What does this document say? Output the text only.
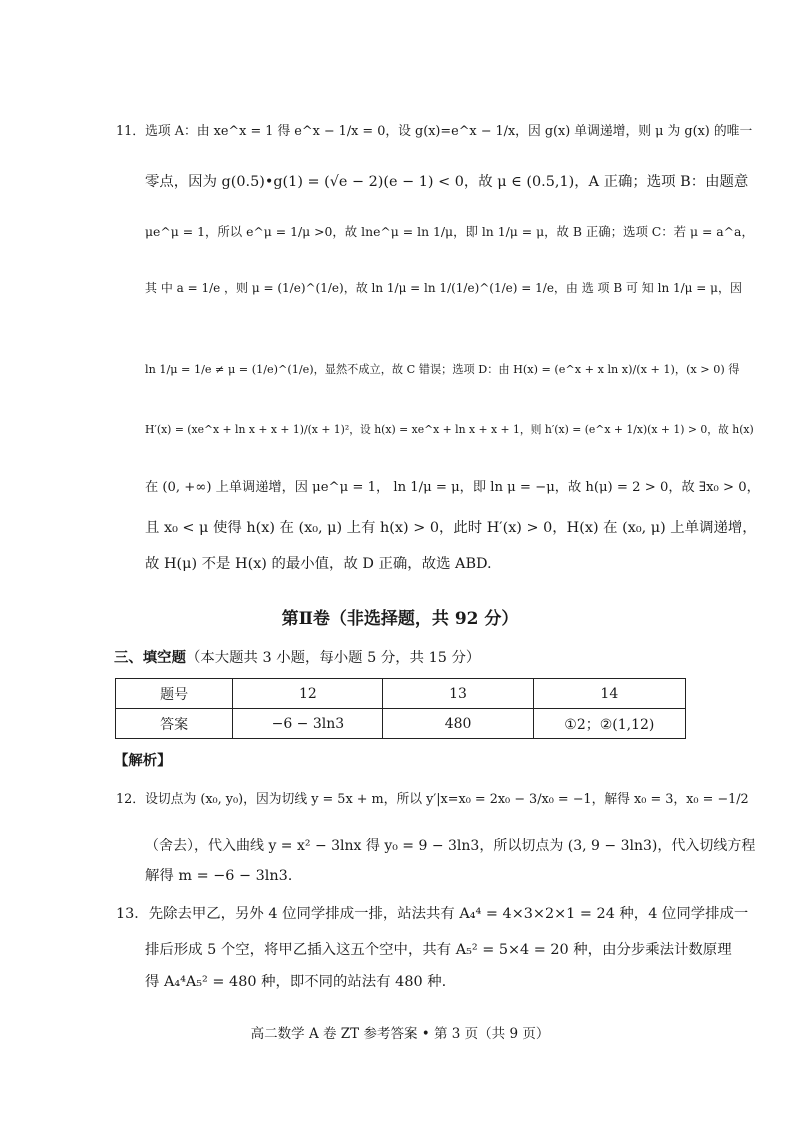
11．选项 A：由 xe^x = 1 得 e^x − 1/x = 0，设 g(x)=e^x − 1/x，因 g(x) 单调递增，则 μ 为 g(x) 的唯一
零点，因为 g(0.5)•g(1) = (√e − 2)(e − 1) < 0，故 μ ∈ (0.5,1)，A 正确；选项 B：由题意
μe^μ = 1，所以 e^μ = 1/μ >0，故 lne^μ = ln 1/μ，即 ln 1/μ = μ，故 B 正确；选项 C：若 μ = a^a，
其 中 a = 1/e ，则 μ = (1/e)^(1/e)，故 ln 1/μ = ln 1/(1/e)^(1/e) = 1/e，由 选 项 B 可 知 ln 1/μ = μ，因
ln 1/μ = 1/e ≠ μ = (1/e)^(1/e)，显然不成立，故 C 错误；选项 D：由 H(x) = (e^x + x ln x)/(x + 1)，(x > 0) 得
H′(x) = (xe^x + ln x + x + 1)/(x + 1)²，设 h(x) = xe^x + ln x + x + 1，则 h′(x) = (e^x + 1/x)(x + 1) > 0，故 h(x)
在 (0, +∞) 上单调递增，因 μe^μ = 1， ln 1/μ = μ，即 ln μ = −μ，故 h(μ) = 2 > 0，故 ∃x₀ > 0，
且 x₀ < μ 使得 h(x) 在 (x₀, μ) 上有 h(x) > 0，此时 H′(x) > 0，H(x) 在 (x₀, μ) 上单调递增，
故 H(μ) 不是 H(x) 的最小值，故 D 正确，故选 ABD.
第Ⅱ卷（非选择题，共 92 分）
三、填空题（本大题共 3 小题，每小题 5 分，共 15 分）
题号	12	13	14
答案	−6 − 3ln3	480	①2；②(1,12)
【解析】
12．设切点为 (x₀, y₀)，因为切线 y = 5x + m，所以 y′|x=x₀ = 2x₀ − 3/x₀ = −1，解得 x₀ = 3，x₀ = −1/2
（舍去），代入曲线 y = x² − 3lnx 得 y₀ = 9 − 3ln3，所以切点为 (3, 9 − 3ln3)，代入切线方程
解得 m = −6 − 3ln3.
13．先除去甲乙，另外 4 位同学排成一排，站法共有 A₄⁴ = 4×3×2×1 = 24 种，4 位同学排成一
排后形成 5 个空，将甲乙插入这五个空中，共有 A₅² = 5×4 = 20 种，由分步乘法计数原理
得 A₄⁴A₅² = 480 种，即不同的站法有 480 种.
高二数学 A 卷 ZT 参考答案 • 第 3 页（共 9 页）
